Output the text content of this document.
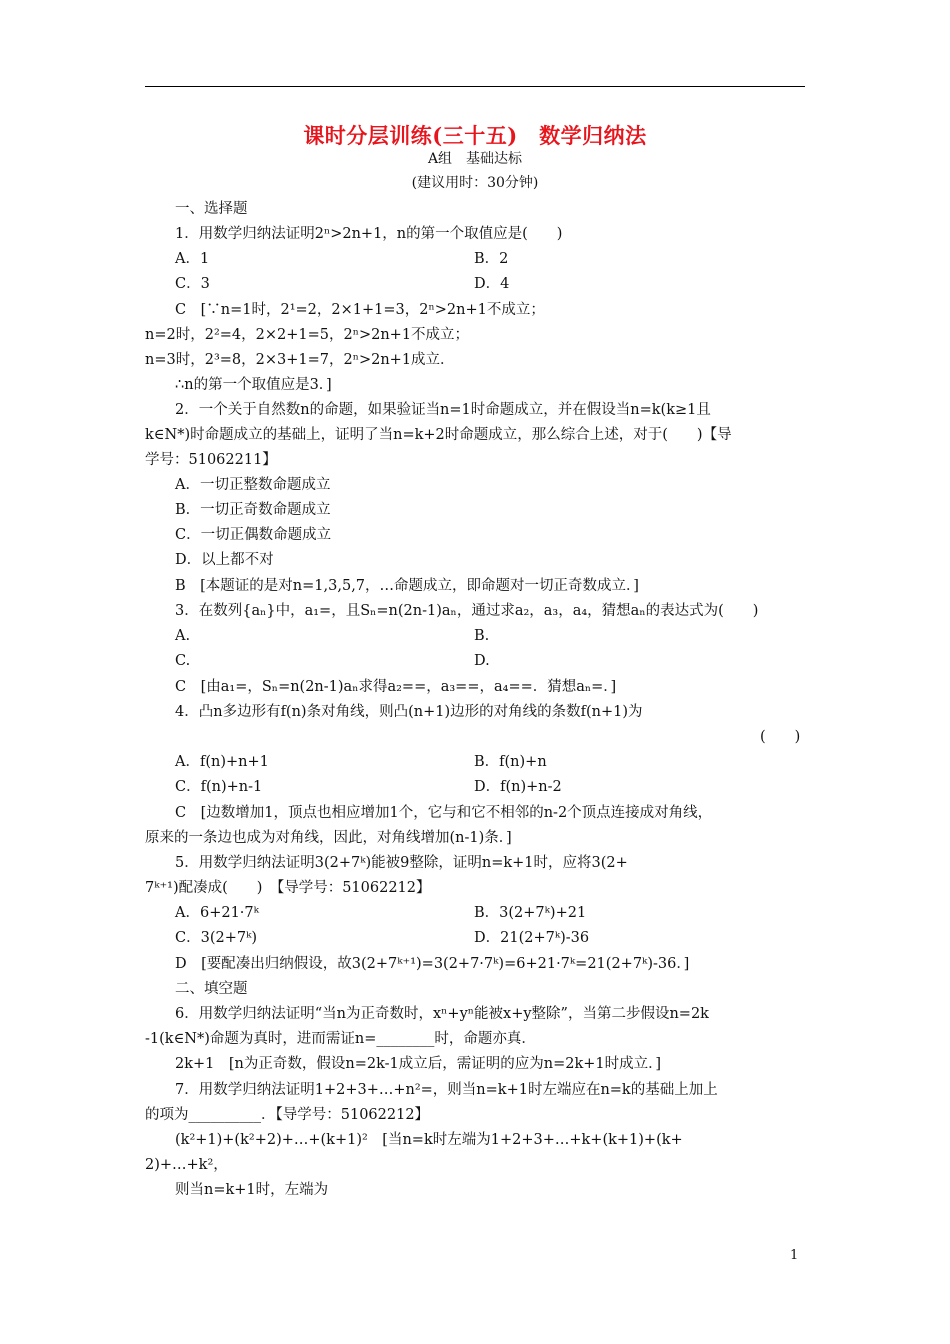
课时分层训练(三十五)　数学归纳法
A组　基础达标
(建议用时：30分钟)
一、选择题
1．用数学归纳法证明2ⁿ>2n+1，n的第一个取值应是(　　)
A．1	B．2
C．3	D．4
C　[∵n=1时，2¹=2，2×1+1=3，2ⁿ>2n+1不成立；
n=2时，2²=4，2×2+1=5，2ⁿ>2n+1不成立；
n=3时，2³=8，2×3+1=7，2ⁿ>2n+1成立．
∴n的第一个取值应是3．]
2．一个关于自然数n的命题，如果验证当n=1时命题成立，并在假设当n=k(k≥1且
k∈N*)时命题成立的基础上，证明了当n=k+2时命题成立，那么综合上述，对于(　　)【导
学号：51062211】
A．一切正整数命题成立
B．一切正奇数命题成立
C．一切正偶数命题成立
D．以上都不对
B　[本题证的是对n=1,3,5,7，…命题成立，即命题对一切正奇数成立．]
3．在数列{aₙ}中，a₁=，且Sₙ=n(2n-1)aₙ，通过求a₂，a₃，a₄，猜想aₙ的表达式为(　　)
A.	B.
C.	D.
C　[由a₁=，Sₙ=n(2n-1)aₙ求得a₂==，a₃==，a₄==．猜想aₙ=．]
4．凸n多边形有f(n)条对角线，则凸(n+1)边形的对角线的条数f(n+1)为
(　　)
A．f(n)+n+1	B．f(n)+n
C．f(n)+n-1	D．f(n)+n-2
C　[边数增加1，顶点也相应增加1个，它与和它不相邻的n-2个顶点连接成对角线，
原来的一条边也成为对角线，因此，对角线增加(n-1)条．]
5．用数学归纳法证明3(2+7ᵏ)能被9整除，证明n=k+1时，应将3(2+
7ᵏ⁺¹)配凑成(　　)　【导学号：51062212】
A．6+21·7ᵏ	B．3(2+7ᵏ)+21
C．3(2+7ᵏ)	D．21(2+7ᵏ)-36
D　[要配凑出归纳假设，故3(2+7ᵏ⁺¹)=3(2+7·7ᵏ)=6+21·7ᵏ=21(2+7ᵏ)-36．]
二、填空题
6．用数学归纳法证明“当n为正奇数时，xⁿ+yⁿ能被x+y整除”，当第二步假设n=2k
-1(k∈N*)命题为真时，进而需证n=________时，命题亦真．
2k+1　[n为正奇数，假设n=2k-1成立后，需证明的应为n=2k+1时成立．]
7．用数学归纳法证明1+2+3+…+n²=，则当n=k+1时左端应在n=k的基础上加上
的项为__________．【导学号：51062212】
(k²+1)+(k²+2)+…+(k+1)²　[当n=k时左端为1+2+3+…+k+(k+1)+(k+
2)+…+k²，
则当n=k+1时，左端为
1
